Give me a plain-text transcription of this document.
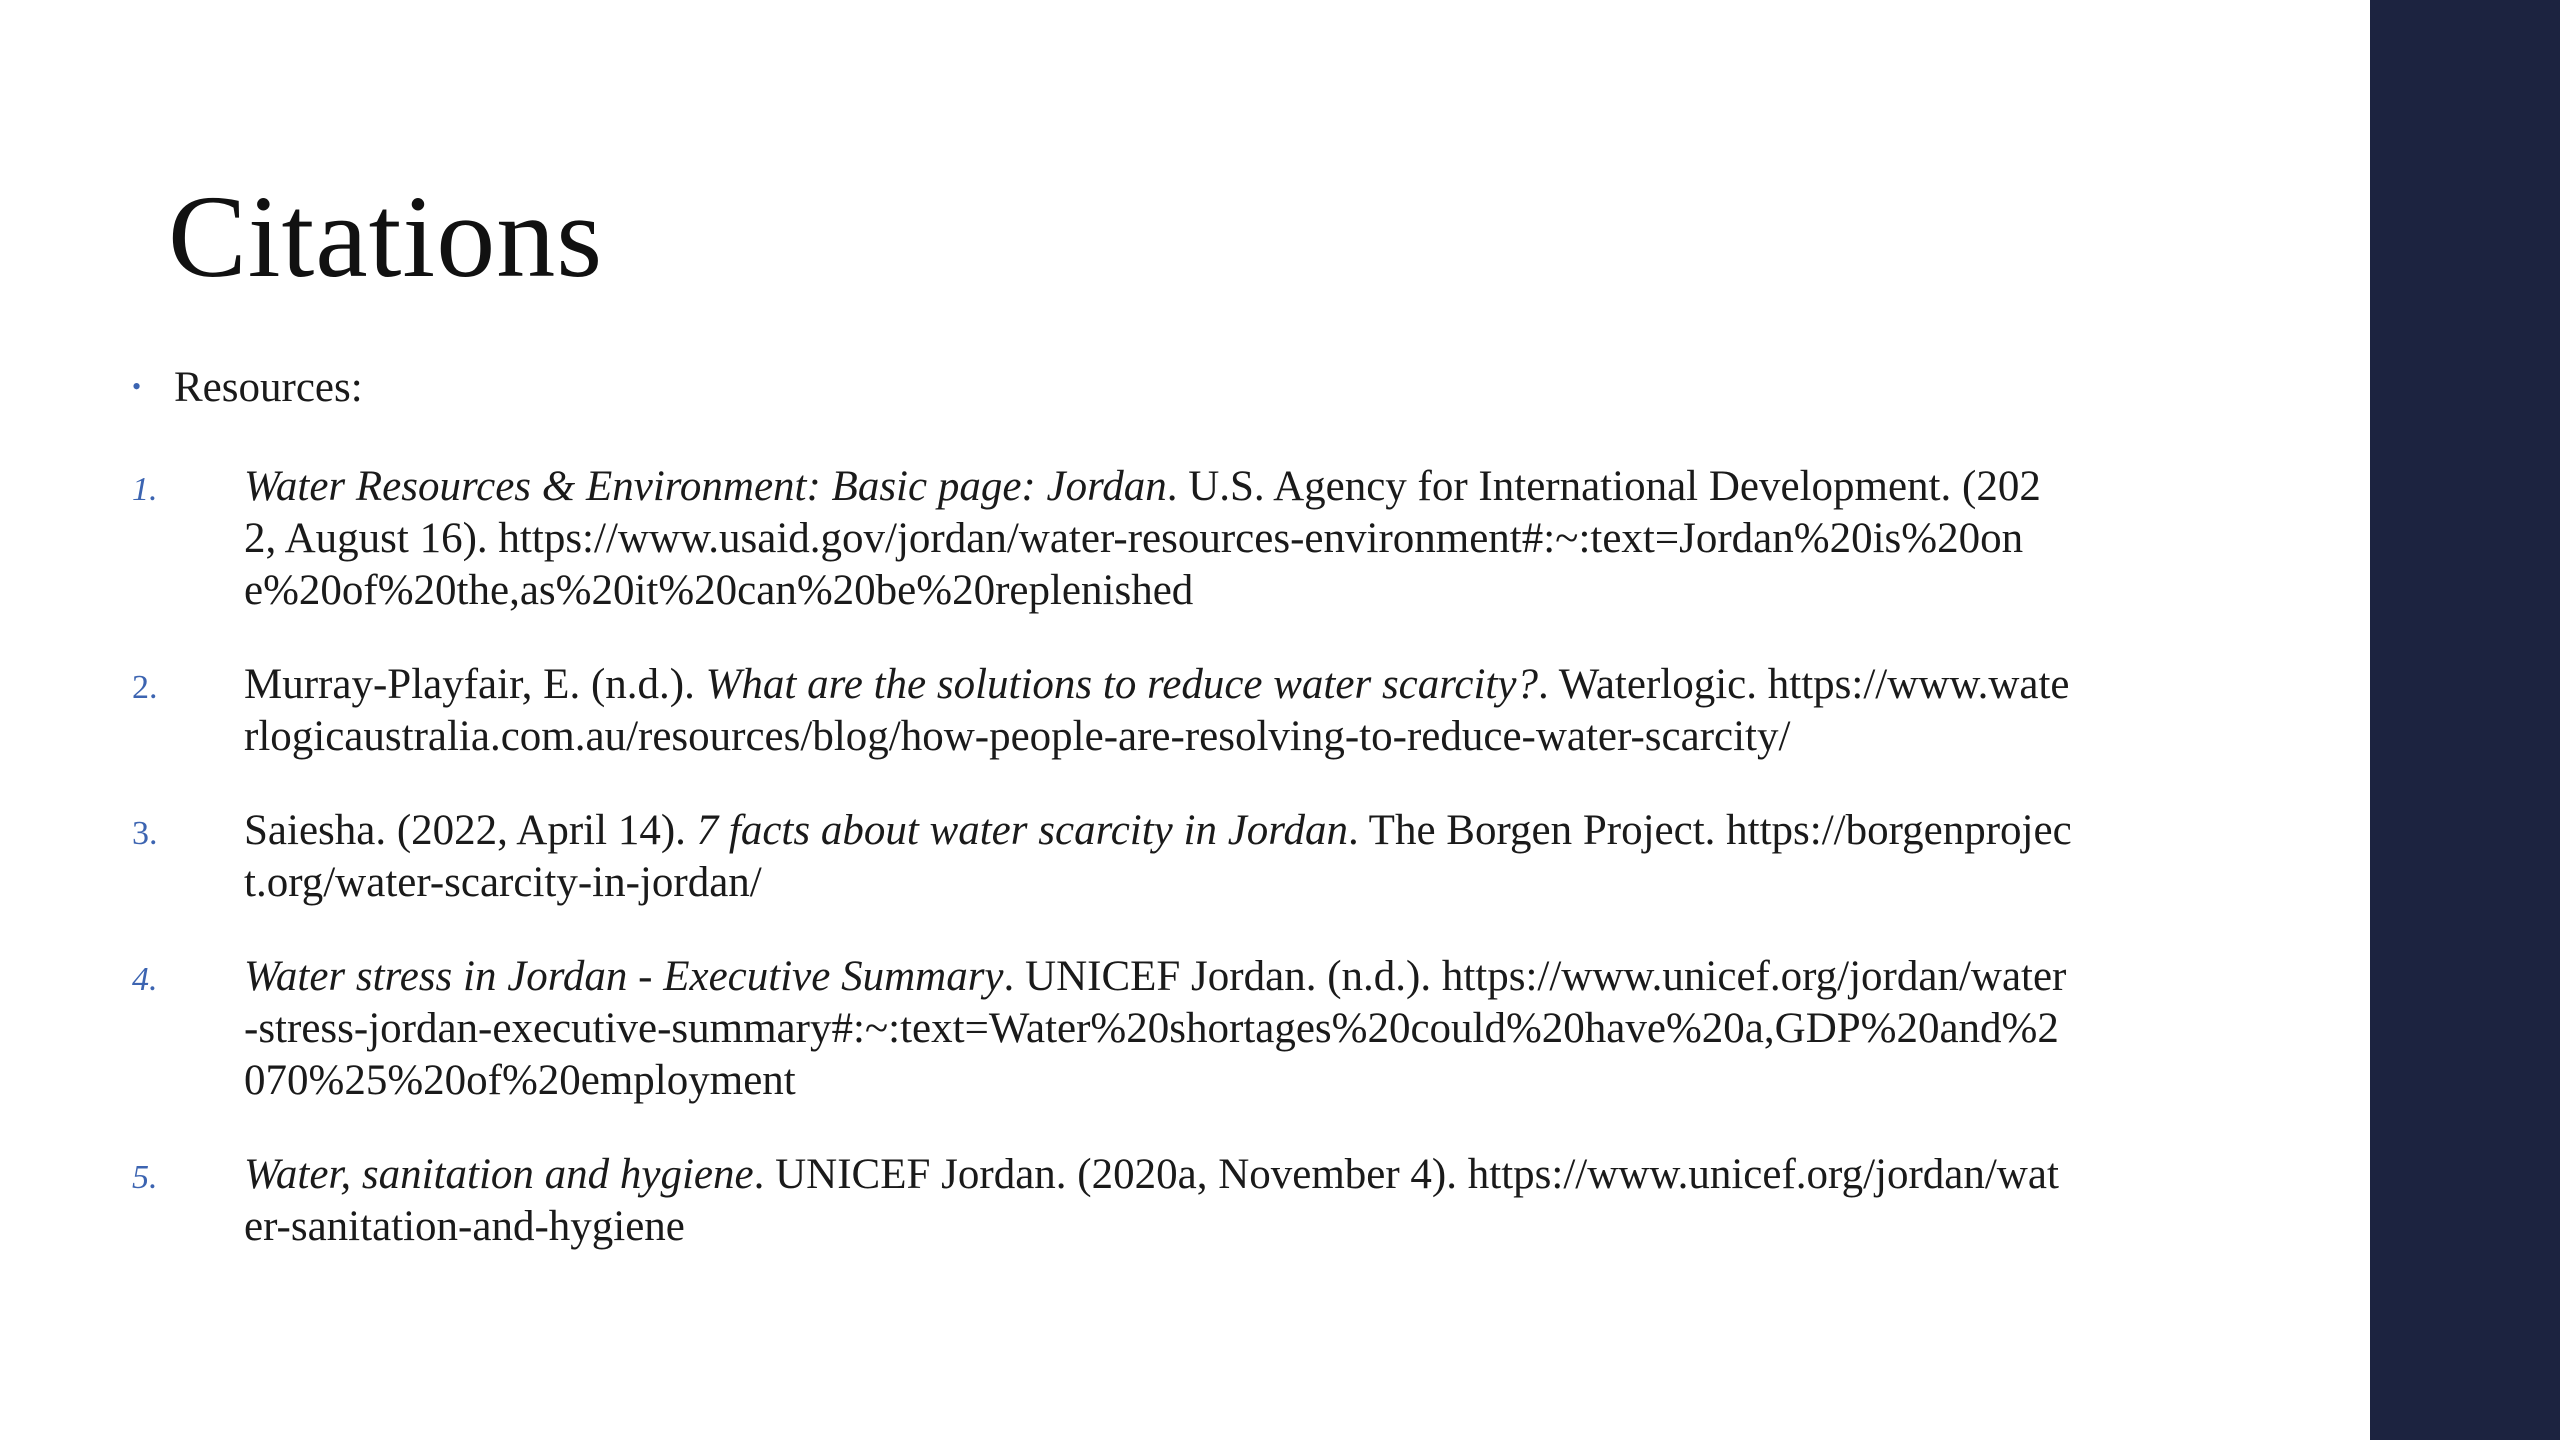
Citations
• Resources:
1.	Water Resources & Environment: Basic page: Jordan. U.S. Agency for International Development. (2022, August 16). https://www.usaid.gov/jordan/water-resources-environment#:~:text=Jordan%20is%20one%20of%20the,as%20it%20can%20be%20replenished
2.	Murray-Playfair, E. (n.d.). What are the solutions to reduce water scarcity?. Waterlogic. https://www.waterlogicaustralia.com.au/resources/blog/how-people-are-resolving-to-reduce-water-scarcity/
3.	Saiesha. (2022, April 14). 7 facts about water scarcity in Jordan. The Borgen Project. https://borgenproject.org/water-scarcity-in-jordan/
4.	Water stress in Jordan - Executive Summary. UNICEF Jordan. (n.d.). https://www.unicef.org/jordan/water-stress-jordan-executive-summary#:~:text=Water%20shortages%20could%20have%20a,GDP%20and%2070%25%20of%20employment
5.	Water, sanitation and hygiene. UNICEF Jordan. (2020a, November 4). https://www.unicef.org/jordan/water-sanitation-and-hygiene
